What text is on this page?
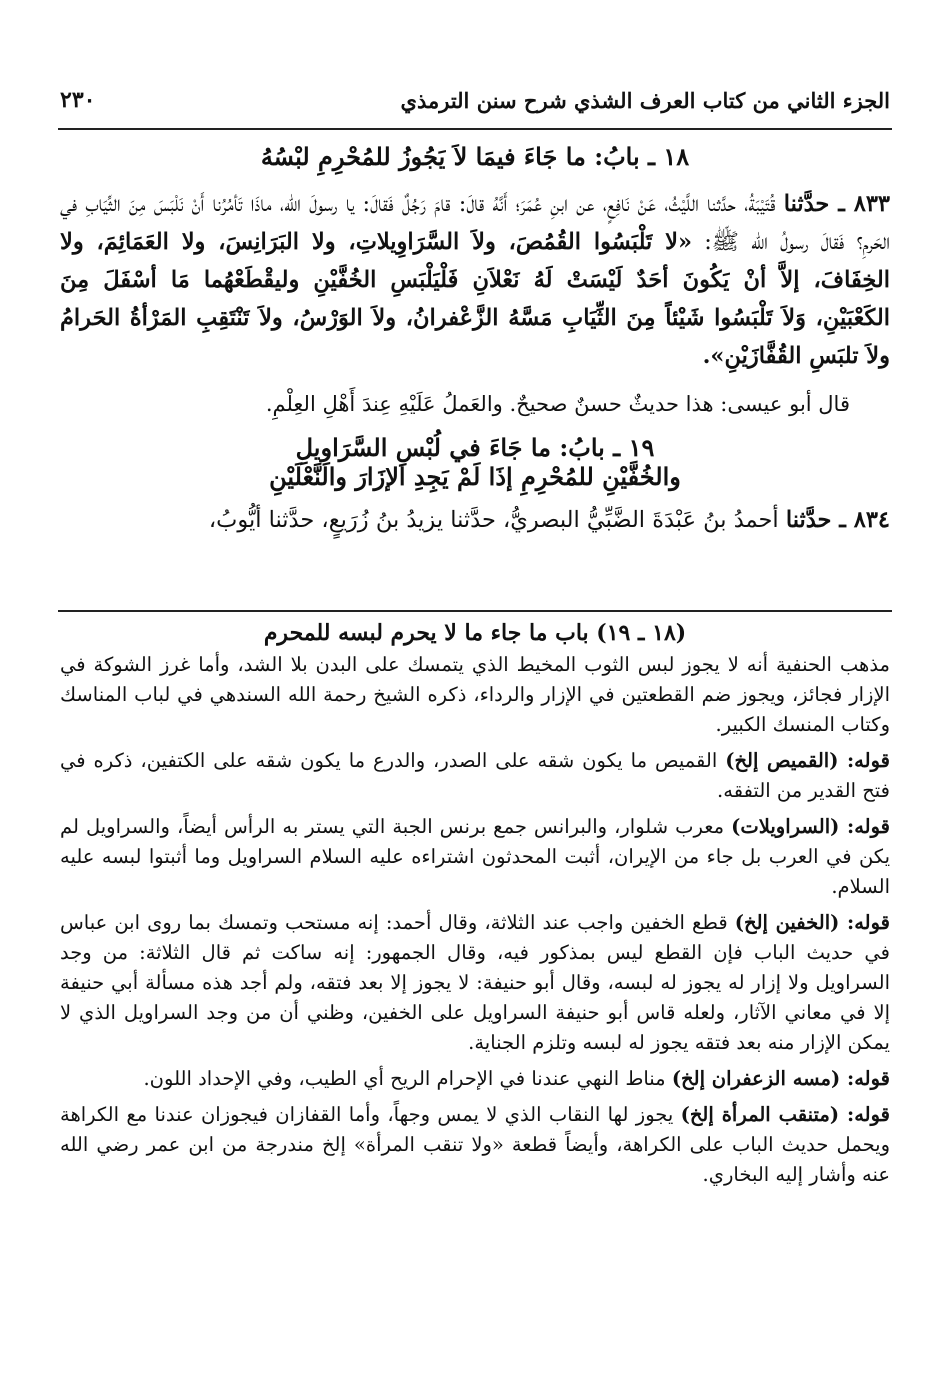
الجزء الثاني من كتاب العرف الشذي شرح سنن الترمذي
٢٣٠
١٨ ـ بابُ: ما جَاءَ فيمَا لاَ يَجُوزُ للمُحْرِمِ لبْسُهُ

٨٣٣ ـ حدَّثنا قُتَيْبَةُ، حدَّثنا اللَّيْثُ، عَنْ نَافِعٍ، عن ابنِ عُمَرَ؛ أَنَّهُ قالَ: قامَ رَجُلٌ فَقالَ: يا رسولَ الله، ماذَا تَأمُرُنا أَنْ نَلْبَسَ مِنَ الثِّيَابِ في الحَرمِ؟ فَقالَ رسولُ الله ﷺ: «لا تَلْبَسُوا القُمُصَ، ولاَ السَّرَاوِيلاتِ، ولا البَرَانِسَ، ولا العَمَائِمَ، ولا الخِفَافَ، إلاَّ أنْ يَكُونَ أحَدٌ لَيْسَتْ لَهُ نَعْلاَنِ فَلْيَلْبَسِ الخُفَّيْنِ وليقْطَعْهُما مَا أسْفَلَ مِنَ الكَعْبَيْنِ، وَلاَ تَلْبَسُوا شَيْئاً مِنَ الثِّيَابِ مَسَّهُ الزَّعْفرانُ، ولاَ الوَرْسُ، ولاَ تَنْتَقِبِ المَرْأةُ الحَرامُ ولاَ تلبَسِ القُفَّازَيْنِ».

قال أبو عيسى: هذا حديثٌ حسنٌ صحيحٌ. والعَملُ عَلَيْهِ عِندَ أَهْلِ العِلْمِ.

١٩ ـ بابُ: ما جَاءَ في لُبْسِ السَّرَاوِيلِ
والخُفَّيْنِ للمُحْرِمِ إذَا لَمْ يَجِدِ الإزَارَ والنَّعْلَيْنِ

٨٣٤ ـ حدَّثنا أحمدُ بنُ عَبْدَةَ الضَّبِّيُّ البصريُّ، حدَّثنا يزيدُ بنُ زُرَيعٍ، حدَّثنا أيُّوبُ،

(١٨ ـ ١٩) باب ما جاء ما لا يحرم لبسه للمحرم

مذهب الحنفية أنه لا يجوز لبس الثوب المخيط الذي يتمسك على البدن بلا الشد، وأما غرز الشوكة في الإزار فجائز، ويجوز ضم القطعتين في الإزار والرداء، ذكره الشيخ رحمة الله السندهي في لباب المناسك وكتاب المنسك الكبير.

قوله: (القميص إلخ) القميص ما يكون شقه على الصدر، والدرع ما يكون شقه على الكتفين، ذكره في فتح القدير من التفقه.

قوله: (السراويلات) معرب شلوار، والبرانس جمع برنس الجبة التي يستر به الرأس أيضاً، والسراويل لم يكن في العرب بل جاء من الإيران، أثبت المحدثون اشتراءه عليه السلام السراويل وما أثبتوا لبسه عليه السلام.

قوله: (الخفين إلخ) قطع الخفين واجب عند الثلاثة، وقال أحمد: إنه مستحب وتمسك بما روى ابن عباس في حديث الباب فإن القطع ليس بمذكور فيه، وقال الجمهور: إنه ساكت ثم قال الثلاثة: من وجد السراويل ولا إزار له يجوز له لبسه، وقال أبو حنيفة: لا يجوز إلا بعد فتقه، ولم أجد هذه مسألة أبي حنيفة إلا في معاني الآثار، ولعله قاس أبو حنيفة السراويل على الخفين، وظني أن من وجد السراويل الذي لا يمكن الإزار منه بعد فتقه يجوز له لبسه وتلزم الجناية.

قوله: (مسه الزعفران إلخ) مناط النهي عندنا في الإحرام الريح أي الطيب، وفي الإحداد اللون.

قوله: (متنقب المرأة إلخ) يجوز لها النقاب الذي لا يمس وجهاً، وأما القفازان فيجوزان عندنا مع الكراهة ويحمل حديث الباب على الكراهة، وأيضاً قطعة «ولا تنقب المرأة» إلخ مندرجة من ابن عمر رضي الله عنه وأشار إليه البخاري.
